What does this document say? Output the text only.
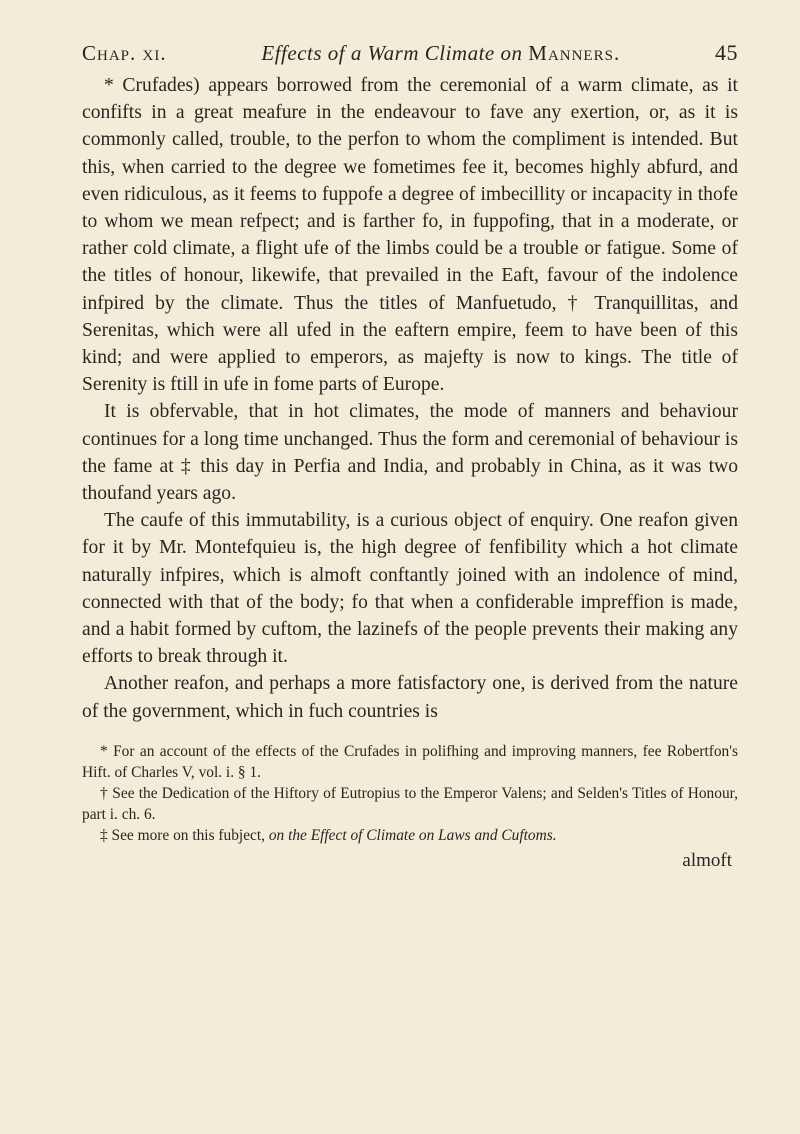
Chap. xi.	Effects of a Warm Climate on Manners.	45

* Crufades) appears borrowed from the ceremonial of a warm climate, as it confifts in a great meafure in the endeavour to fave any exertion, or, as it is commonly called, trouble, to the perfon to whom the compliment is intended. But this, when carried to the degree we fometimes fee it, becomes highly abfurd, and even ridiculous, as it feems to fuppofe a degree of imbecillity or incapacity in thofe to whom we mean refpect; and is farther fo, in fuppofing, that in a moderate, or rather cold climate, a flight ufe of the limbs could be a trouble or fatigue. Some of the titles of honour, likewife, that prevailed in the Eaft, favour of the indolence infpired by the climate. Thus the titles of Manfuetudo, † Tranquillitas, and Serenitas, which were all ufed in the eaftern empire, feem to have been of this kind; and were applied to emperors, as majefty is now to kings. The title of Serenity is ftill in ufe in fome parts of Europe.

It is obfervable, that in hot climates, the mode of manners and behaviour continues for a long time unchanged. Thus the form and ceremonial of behaviour is the fame at ‡ this day in Perfia and India, and probably in China, as it was two thoufand years ago.

The caufe of this immutability, is a curious object of enquiry. One reafon given for it by Mr. Montefquieu is, the high degree of fenfibility which a hot climate naturally infpires, which is almoft conftantly joined with an indolence of mind, connected with that of the body; fo that when a confiderable impreffion is made, and a habit formed by cuftom, the lazinefs of the people prevents their making any efforts to break through it.

Another reafon, and perhaps a more fatisfactory one, is derived from the nature of the government, which in fuch countries is

* For an account of the effects of the Crufades in polifhing and improving manners, fee Robertfon's Hift. of Charles V, vol. i. § 1.

† See the Dedication of the Hiftory of Eutropius to the Emperor Valens; and Selden's Titles of Honour, part i. ch. 6.

‡ See more on this fubject, on the Effect of Climate on Laws and Cuftoms.

almoft
